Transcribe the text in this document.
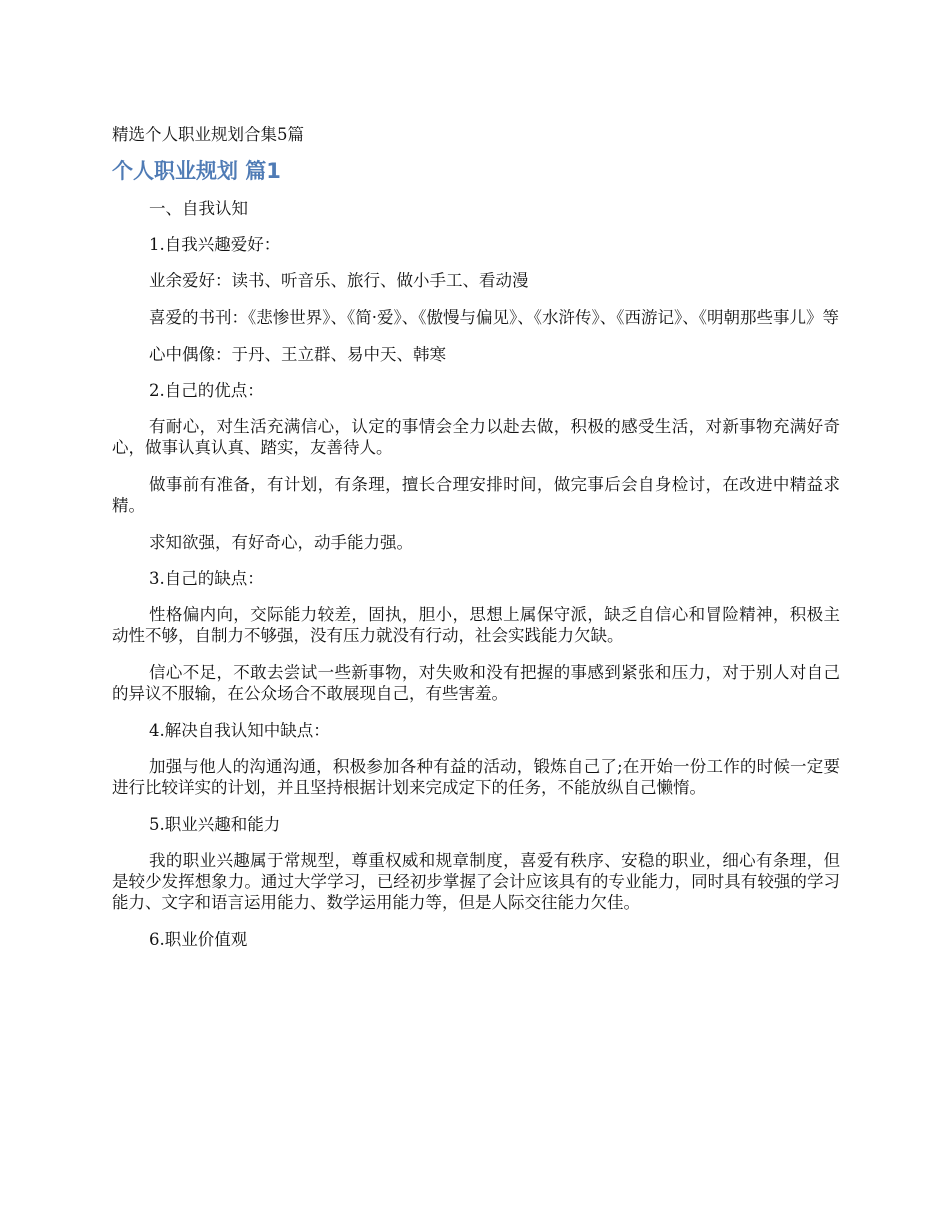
精选个人职业规划合集5篇

个人职业规划 篇1

一、自我认知

1.自我兴趣爱好：

业余爱好：读书、听音乐、旅行、做小手工、看动漫

喜爱的书刊：《悲惨世界》、《简·爱》、《傲慢与偏见》、《水浒传》、《西游记》、《明朝那些事儿》等

心中偶像：于丹、王立群、易中天、韩寒

2.自己的优点：

有耐心，对生活充满信心，认定的事情会全力以赴去做，积极的感受生活，对新事物充满好奇心，做事认真认真、踏实，友善待人。

做事前有准备，有计划，有条理，擅长合理安排时间，做完事后会自身检讨，在改进中精益求精。

求知欲强，有好奇心，动手能力强。

3.自己的缺点：

性格偏内向，交际能力较差，固执，胆小，思想上属保守派，缺乏自信心和冒险精神，积极主动性不够，自制力不够强，没有压力就没有行动，社会实践能力欠缺。

信心不足，不敢去尝试一些新事物，对失败和没有把握的事感到紧张和压力，对于别人对自己的异议不服输，在公众场合不敢展现自己，有些害羞。

4.解决自我认知中缺点：

加强与他人的沟通沟通，积极参加各种有益的活动，锻炼自己了;在开始一份工作的时候一定要进行比较详实的计划，并且坚持根据计划来完成定下的任务，不能放纵自己懒惰。

5.职业兴趣和能力

我的职业兴趣属于常规型，尊重权威和规章制度，喜爱有秩序、安稳的职业，细心有条理，但是较少发挥想象力。通过大学学习，已经初步掌握了会计应该具有的专业能力，同时具有较强的学习能力、文字和语言运用能力、数学运用能力等，但是人际交往能力欠佳。

6.职业价值观
